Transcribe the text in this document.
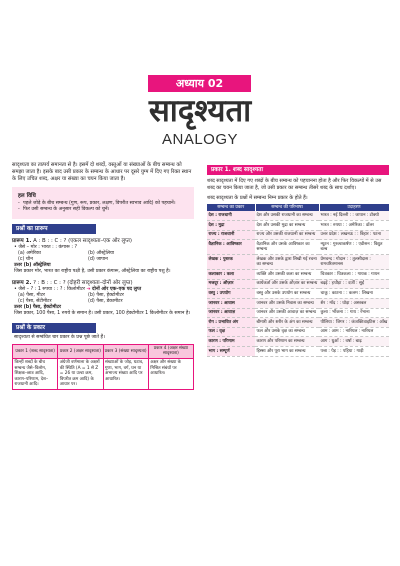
अध्याय 02
सादृश्यता
ANALOGY

सादृश्यता का तात्पर्य समानता से है। इसमें दो शब्दों, वस्तुओं या संख्याओं के बीच सम्बन्ध को समझा जाता है। इसके बाद उसी प्रकार के सम्बन्ध के आधार पर दूसरे युग्म में दिए गए रिक्त स्थान के लिए उचित शब्द, अक्षर या संख्या का चयन किया जाता है।

हल विधि
- पहले जोड़े के बीच सम्बन्ध (गुण, रूप, प्रकार, लक्षण, विपरीत स्वभाव आदि) को पहचानें।
- फिर उसी सम्बन्ध के अनुसार सही विकल्प को चुनें।
प्रश्नों का प्रारूप
प्रारूप 1. A : B : : C : ? (एकल सादृश्यता–एक ओर लुप्त)
• जैसे – मोर : भारत : : कंगारू : ?
(a) अमेरिका	(b) ऑस्ट्रेलिया
(c) चीन	(d) जापान
उत्तर (b) ऑस्ट्रेलिया
जिस प्रकार मोर, भारत का राष्ट्रीय पक्षी है, उसी प्रकार कंगारू, ऑस्ट्रेलिया का राष्ट्रीय पशु है।
प्रारूप 2. ? : B : : C : ? (दोहरी सादृश्यता–दोनों ओर लुप्त)
• जैसे – ? : 1 रुपया : : ? : किलोमीटर ➔ दोनों ओर एक–एक पद लुप्त
(a) पैसा, मीटर	(b) पैसा, हेक्टोमीटर
(c) पैसा, सेंटीमीटर	(d) पैसा, डेकामीटर
उत्तर (b) पैसा, हेक्टोमीटर
जिस प्रकार, 100 पैसा, 1 रुपये के समान है। उसी प्रकार, 100 हेक्टोमीटर 1 किलोमीटर के समान है।
प्रश्नों के प्रकार
सादृश्यता से सम्बंधित चार प्रकार के प्रश्न पूछे जाते हैं।
प्रकार 1 (शब्द सादृश्यता)	प्रकार 2 (अक्षर सादृश्यता)	प्रकार 3 (संख्या सादृश्यता)	प्रकार 4 (अक्षर संख्या सादृश्यता)
किन्हीं शब्दों के बीच सम्बन्ध जैसे–विलोम, शिक्षक–छात्र आदि, कारण–परिणाम, देश–राजधानी आदि।	अंग्रेजी वर्णमाला के अक्षरों की स्थिति (A = 1 से Z = 26 या उल्टा क्रम, विपरीत क्रम आदि) के आधार पर।	संख्याओं के जोड़, घटाव, गुणा, भाग, वर्ग, घन या अभाज्य संख्या आदि पर आधारित।	अक्षर और संख्या के मिश्रित संबंधों पर आधारित।
प्रकार 1. शब्द सादृश्यता

शब्द सादृश्यता में दिए गए शब्दों के बीच सम्बन्ध को पहचानना होता है और फिर विकल्पों में से उस शब्द का चयन किया जाता है, जो उसी प्रकार का सम्बन्ध तीसरे शब्द के साथ दर्शाए।

शब्द सादृश्यता के प्रश्नों में सम्बन्ध निम्न प्रकार के होते हैं।

सम्बन्ध का प्रकार	सम्बन्ध की परिभाषा	उदाहरण
देश : राजधानी	देश और उसकी राजधानी का सम्बन्ध	भारत : नई दिल्ली : : जापान : टोक्यो
देश : मुद्रा	देश और उसकी मुद्रा का सम्बन्ध	भारत : रुपया : : अमेरिका : डॉलर
राज्य : राजधानी	राज्य और उसकी राजधानी का सम्बन्ध	उत्तर प्रदेश : लखनऊ : : बिहार : पटना
वैज्ञानिक : आविष्कार	वैज्ञानिक और उसके आविष्कार का सम्बन्ध	न्यूटन : गुरुत्वाकर्षण : : एडीसन : विद्युत बल्ब
लेखक : पुस्तक	लेखक और उसके द्वारा लिखी गई रचना का सम्बन्ध	प्रेमचन्द : गोदान : : तुलसीदास : रामचरितमानस
कलाकार : कला	व्यक्ति और उसकी कला का सम्बन्ध	चित्रकार : चित्रकला : : गायक : गायन
मजदूर : औज़ार	कार्यकर्ता और उसके औज़ार का सम्बन्ध	बढ़ई : हथौड़ा : : दर्जी : सुई
वस्तु : उपयोग	वस्तु और उसके उपयोग का सम्बन्ध	चाकू : काटना : : कलम : लिखना
जानवर : आवास	जानवर और उसके निवास का सम्बन्ध	शेर : माँद : : घोड़ा : अस्तबल
जानवर : आवाज़	जानवर और उसकी आवाज़ का सम्बन्ध	कुत्ता : भौंकना : : गाय : रँभाना
रोग : प्रभावित अंग	बीमारी और शरीर के अंग का सम्बन्ध	पीलिया : जिगर : : कंजक्टिवाइटिस : आँख
फल : वृक्ष	फल और उसके वृक्ष का सम्बन्ध	आम : आम : : नारियल : नारियल
कारण : परिणाम	कारण और परिणाम का सम्बन्ध	आग : धुआँ : : वर्षा : बाढ़
भाग : सम्पूर्ण	हिस्सा और पूरा भाग का सम्बन्ध	पत्ता : पेड़ : : पहिया : गाड़ी
